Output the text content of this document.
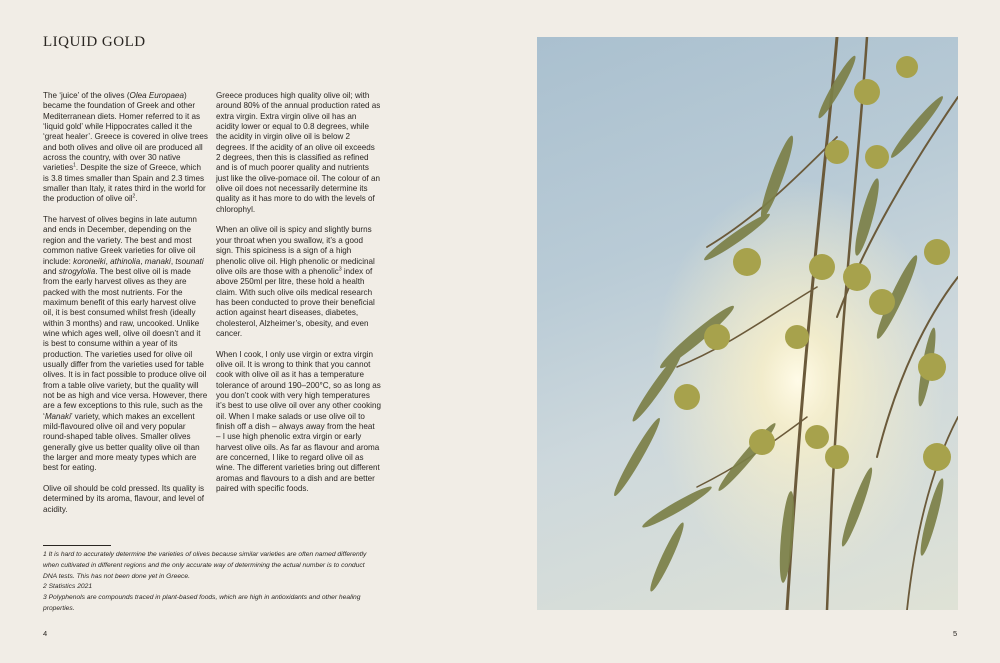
LIQUID GOLD

The ‘juice’ of the olives (Olea Europaea) became the foundation of Greek and other Mediterranean diets. Homer referred to it as ‘liquid gold’ while Hippocrates called it the ‘great healer’. Greece is covered in olive trees and both olives and olive oil are produced all across the country, with over 30 native varieties$^1$. Despite the size of Greece, which is 3.8 times smaller than Spain and 2.3 times smaller than Italy, it rates third in the world for the production of olive oil$^2$.

The harvest of olives begins in late autumn and ends in December, depending on the region and the variety. The best and most common native Greek varieties for olive oil include: koroneiki, athinolia, manaki, tsounati and strogylolia. The best olive oil is made from the early harvest olives as they are packed with the most nutrients. For the maximum benefit of this early harvest olive oil, it is best consumed whilst fresh (ideally within 3 months) and raw, uncooked. Unlike wine which ages well, olive oil doesn’t and it is best to consume within a year of its production. The varieties used for olive oil usually differ from the varieties used for table olives. It is in fact possible to produce olive oil from a table olive variety, but the quality will not be as high and vice versa. However, there are a few exceptions to this rule, such as the ‘Manaki’ variety, which makes an excellent mild-flavoured olive oil and very popular round-shaped table olives. Smaller olives generally give us better quality olive oil than the larger and more meaty types which are best for eating.

Olive oil should be cold pressed. Its quality is determined by its aroma, flavour, and level of acidity.

Greece produces high quality olive oil; with around 80% of the annual production rated as extra virgin. Extra virgin olive oil has an acidity lower or equal to 0.8 degrees, while the acidity in virgin olive oil is below 2 degrees. If the acidity of an olive oil exceeds 2 degrees, then this is classified as refined and is of much poorer quality and nutrients just like the olive-pomace oil. The colour of an olive oil does not necessarily determine its quality as it has more to do with the levels of chlorophyl.

When an olive oil is spicy and slightly burns your throat when you swallow, it’s a good sign. This spiciness is a sign of a high phenolic olive oil. High phenolic or medicinal olive oils are those with a phenolic$^3$ index of above 250ml per litre, these hold a health claim. With such olive oils medical research has been conducted to prove their beneficial action against heart diseases, diabetes, cholesterol, Alzheimer’s, obesity, and even cancer.

When I cook, I only use virgin or extra virgin olive oil. It is wrong to think that you cannot cook with olive oil as it has a temperature tolerance of around 190–200°C, so as long as you don’t cook with very high temperatures it’s best to use olive oil over any other cooking oil. When I make salads or use olive oil to finish off a dish – always away from the heat – I use high phenolic extra virgin or early harvest olive oils. As far as flavour and aroma are concerned, I like to regard olive oil as wine. The different varieties bring out different aromas and flavours to a dish and are better paired with specific foods.

1 It is hard to accurately determine the varieties of olives because similar varieties are often named differently when cultivated in different regions and the only accurate way of determining the actual number is to conduct DNA tests. This has not been done yet in Greece.
2 Statistics 2021
3 Polyphenols are compounds traced in plant-based foods, which are high in antioxidants and other healing properties.
4	5
